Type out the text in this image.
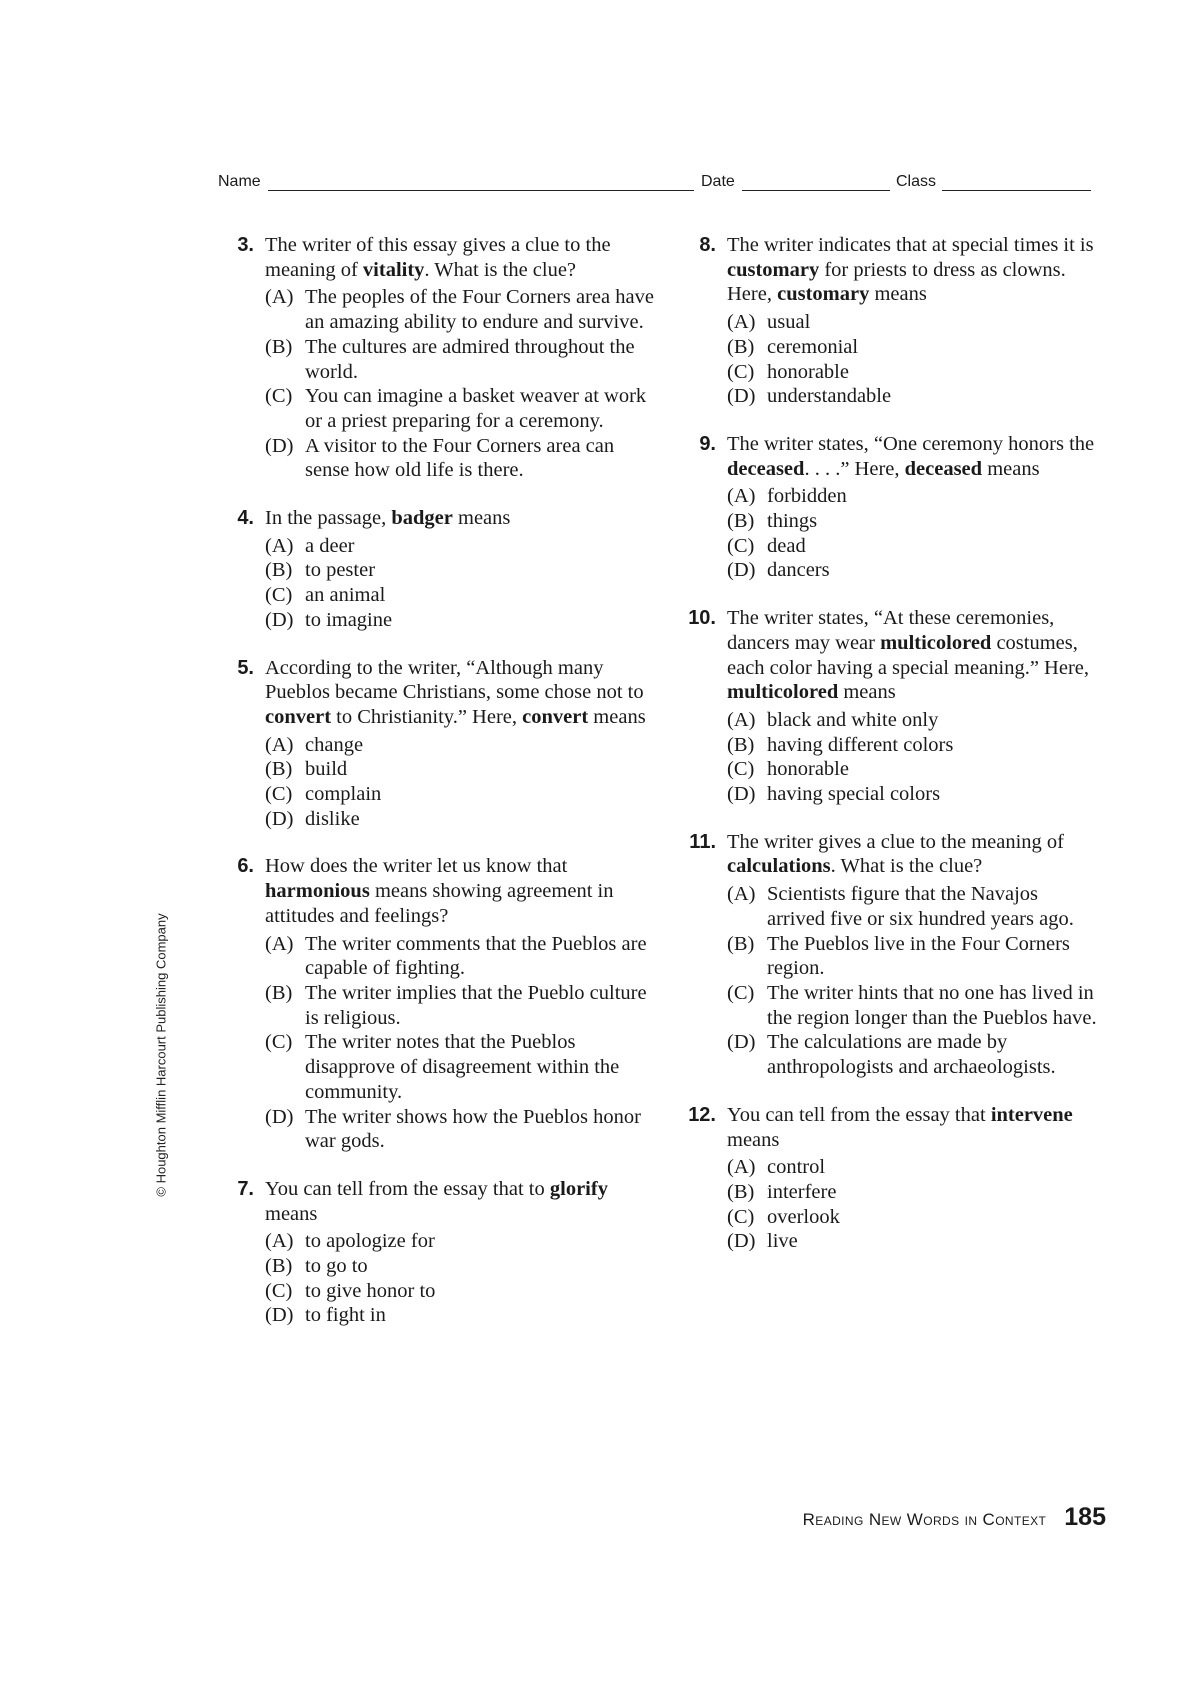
Name	Date	Class
© Houghton Mifflin Harcourt Publishing Company
3. The writer of this essay gives a clue to the meaning of vitality. What is the clue?

(A) The peoples of the Four Corners area have an amazing ability to endure and survive.
(B) The cultures are admired throughout the world.
(C) You can imagine a basket weaver at work or a priest preparing for a ceremony.
(D) A visitor to the Four Corners area can sense how old life is there.
4. In the passage, badger means

(A) a deer
(B) to pester
(C) an animal
(D) to imagine
5. According to the writer, “Although many Pueblos became Christians, some chose not to convert to Christianity.” Here, convert means

(A) change
(B) build
(C) complain
(D) dislike
6. How does the writer let us know that harmonious means showing agreement in attitudes and feelings?

(A) The writer comments that the Pueblos are capable of fighting.
(B) The writer implies that the Pueblo culture is religious.
(C) The writer notes that the Pueblos disapprove of disagreement within the community.
(D) The writer shows how the Pueblos honor war gods.
7. You can tell from the essay that to glorify means

(A) to apologize for
(B) to go to
(C) to give honor to
(D) to fight in
8. The writer indicates that at special times it is customary for priests to dress as clowns. Here, customary means

(A) usual
(B) ceremonial
(C) honorable
(D) understandable
9. The writer states, “One ceremony honors the deceased. . . .” Here, deceased means

(A) forbidden
(B) things
(C) dead
(D) dancers
10. The writer states, “At these ceremonies, dancers may wear multicolored costumes, each color having a special meaning.” Here, multicolored means

(A) black and white only
(B) having different colors
(C) honorable
(D) having special colors
11. The writer gives a clue to the meaning of calculations. What is the clue?

(A) Scientists figure that the Navajos arrived five or six hundred years ago.
(B) The Pueblos live in the Four Corners region.
(C) The writer hints that no one has lived in the region longer than the Pueblos have.
(D) The calculations are made by anthropologists and archaeologists.
12. You can tell from the essay that intervene means

(A) control
(B) interfere
(C) overlook
(D) live
Reading New Words in Context 185
